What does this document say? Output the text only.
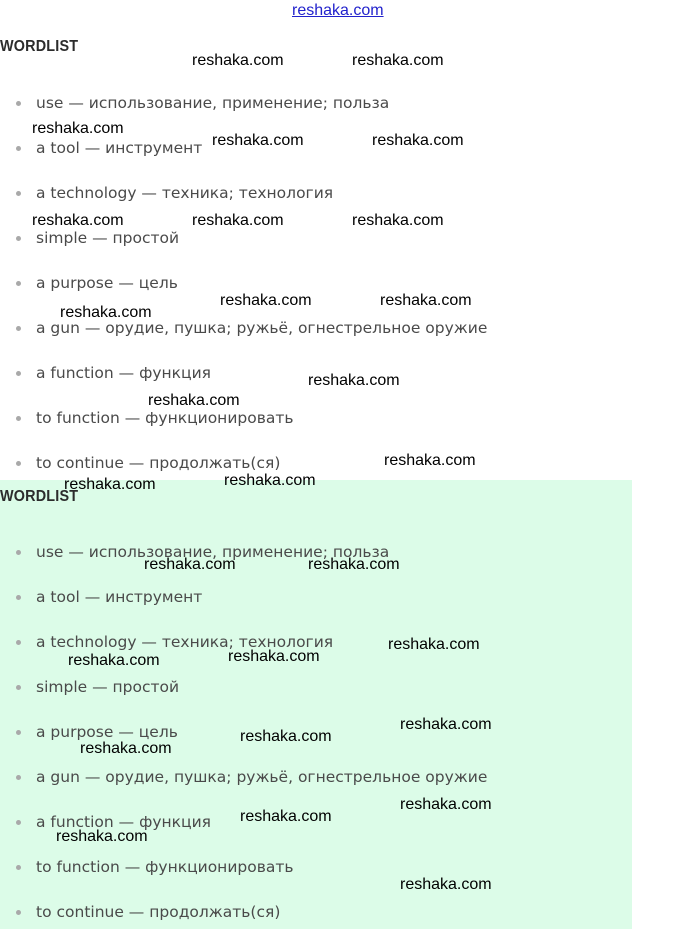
reshaka.com
WORDLIST
use — использование, применение; польза
a tool — инструмент
a technology — техника; технология
simple — простой
a purpose — цель
a gun — орудие, пушка; ружьё, огнестрельное оружие
a function — функция
to function — функционировать
to continue — продолжать(ся)
WORDLIST
use — использование, применение; польза
a tool — инструмент
a technology — техника; технология
simple — простой
a purpose — цель
a gun — орудие, пушка; ружьё, огнестрельное оружие
a function — функция
to function — функционировать
to continue — продолжать(ся)
reshaka.com	reshaka.com
reshaka.com
reshaka.com	reshaka.com
reshaka.com	reshaka.com	reshaka.com
reshaka.com	reshaka.com
reshaka.com
reshaka.com
reshaka.com
reshaka.com
reshaka.com
reshaka.com
reshaka.com	reshaka.com
reshaka.com
reshaka.com
reshaka.com
reshaka.com
reshaka.com
reshaka.com
reshaka.com
reshaka.com
reshaka.com
reshaka.com
